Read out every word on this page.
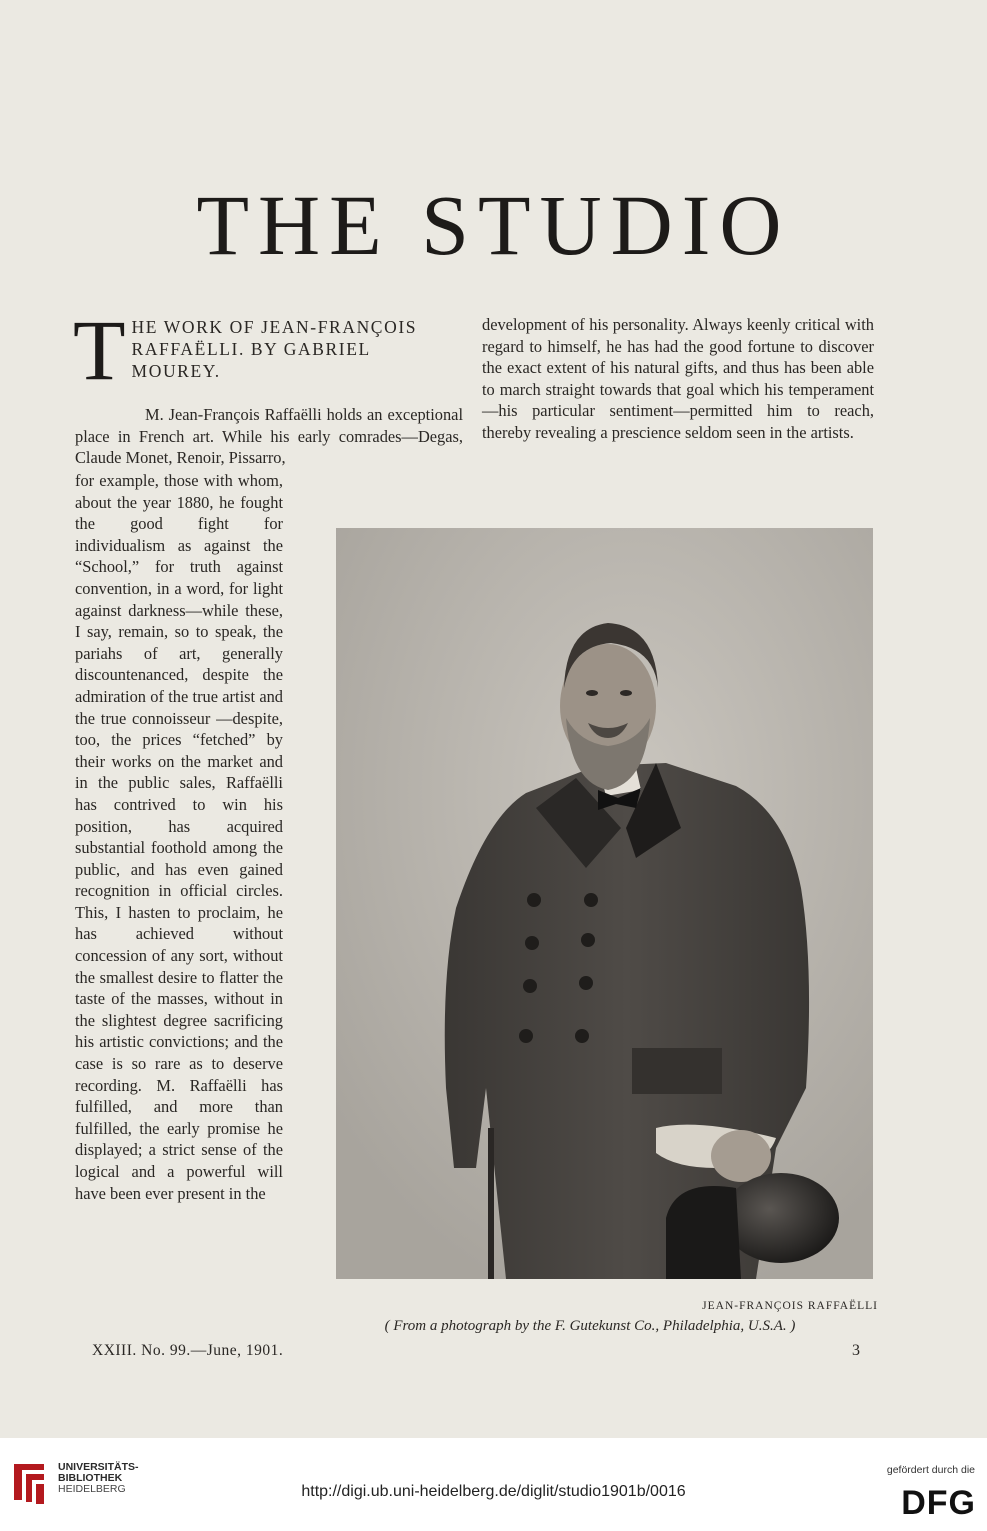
THE STUDIO
T HE WORK OF JEAN-FRANÇOIS RAFFAËLLI. BY GABRIEL MOUREY.
M. Jean-François Raffaëlli holds an exceptional place in French art. While his early comrades—Degas, Claude Monet, Renoir, Pissarro,
for example, those with whom, about the year 1880, he fought the good fight for individualism as against the “School,” for truth against convention, in a word, for light against darkness—while these, I say, remain, so to speak, the pariahs of art, generally discountenanced, despite the admiration of the true artist and the true connoisseur —despite, too, the prices “fetched” by their works on the market and in the public sales, Raffaëlli has contrived to win his position, has acquired substantial foothold among the public, and has even gained recognition in official circles. This, I hasten to proclaim, he has achieved without concession of any sort, without the smallest desire to flatter the taste of the masses, without in the slightest degree sacrificing his artistic convictions; and the case is so rare as to deserve recording. M. Raffaëlli has fulfilled, and more than fulfilled, the early promise he displayed; a strict sense of the logical and a powerful will have been ever present in the
development of his personality. Always keenly critical with regard to himself, he has had the good fortune to discover the exact extent of his natural gifts, and thus has been able to march straight towards that goal which his temperament—his particular sentiment—permitted him to reach, thereby revealing a prescience seldom seen in the artists.
JEAN-FRANÇOIS RAFFAËLLI
( From a photograph by the F. Gutekunst Co., Philadelphia, U.S.A. )
XXIII. No. 99.—June, 1901.	3
UNIVERSITÄTS-
BIBLIOTHEK
HEIDELBERG	http://digi.ub.uni-heidelberg.de/diglit/studio1901b/0016
gefördert durch die
DFG
